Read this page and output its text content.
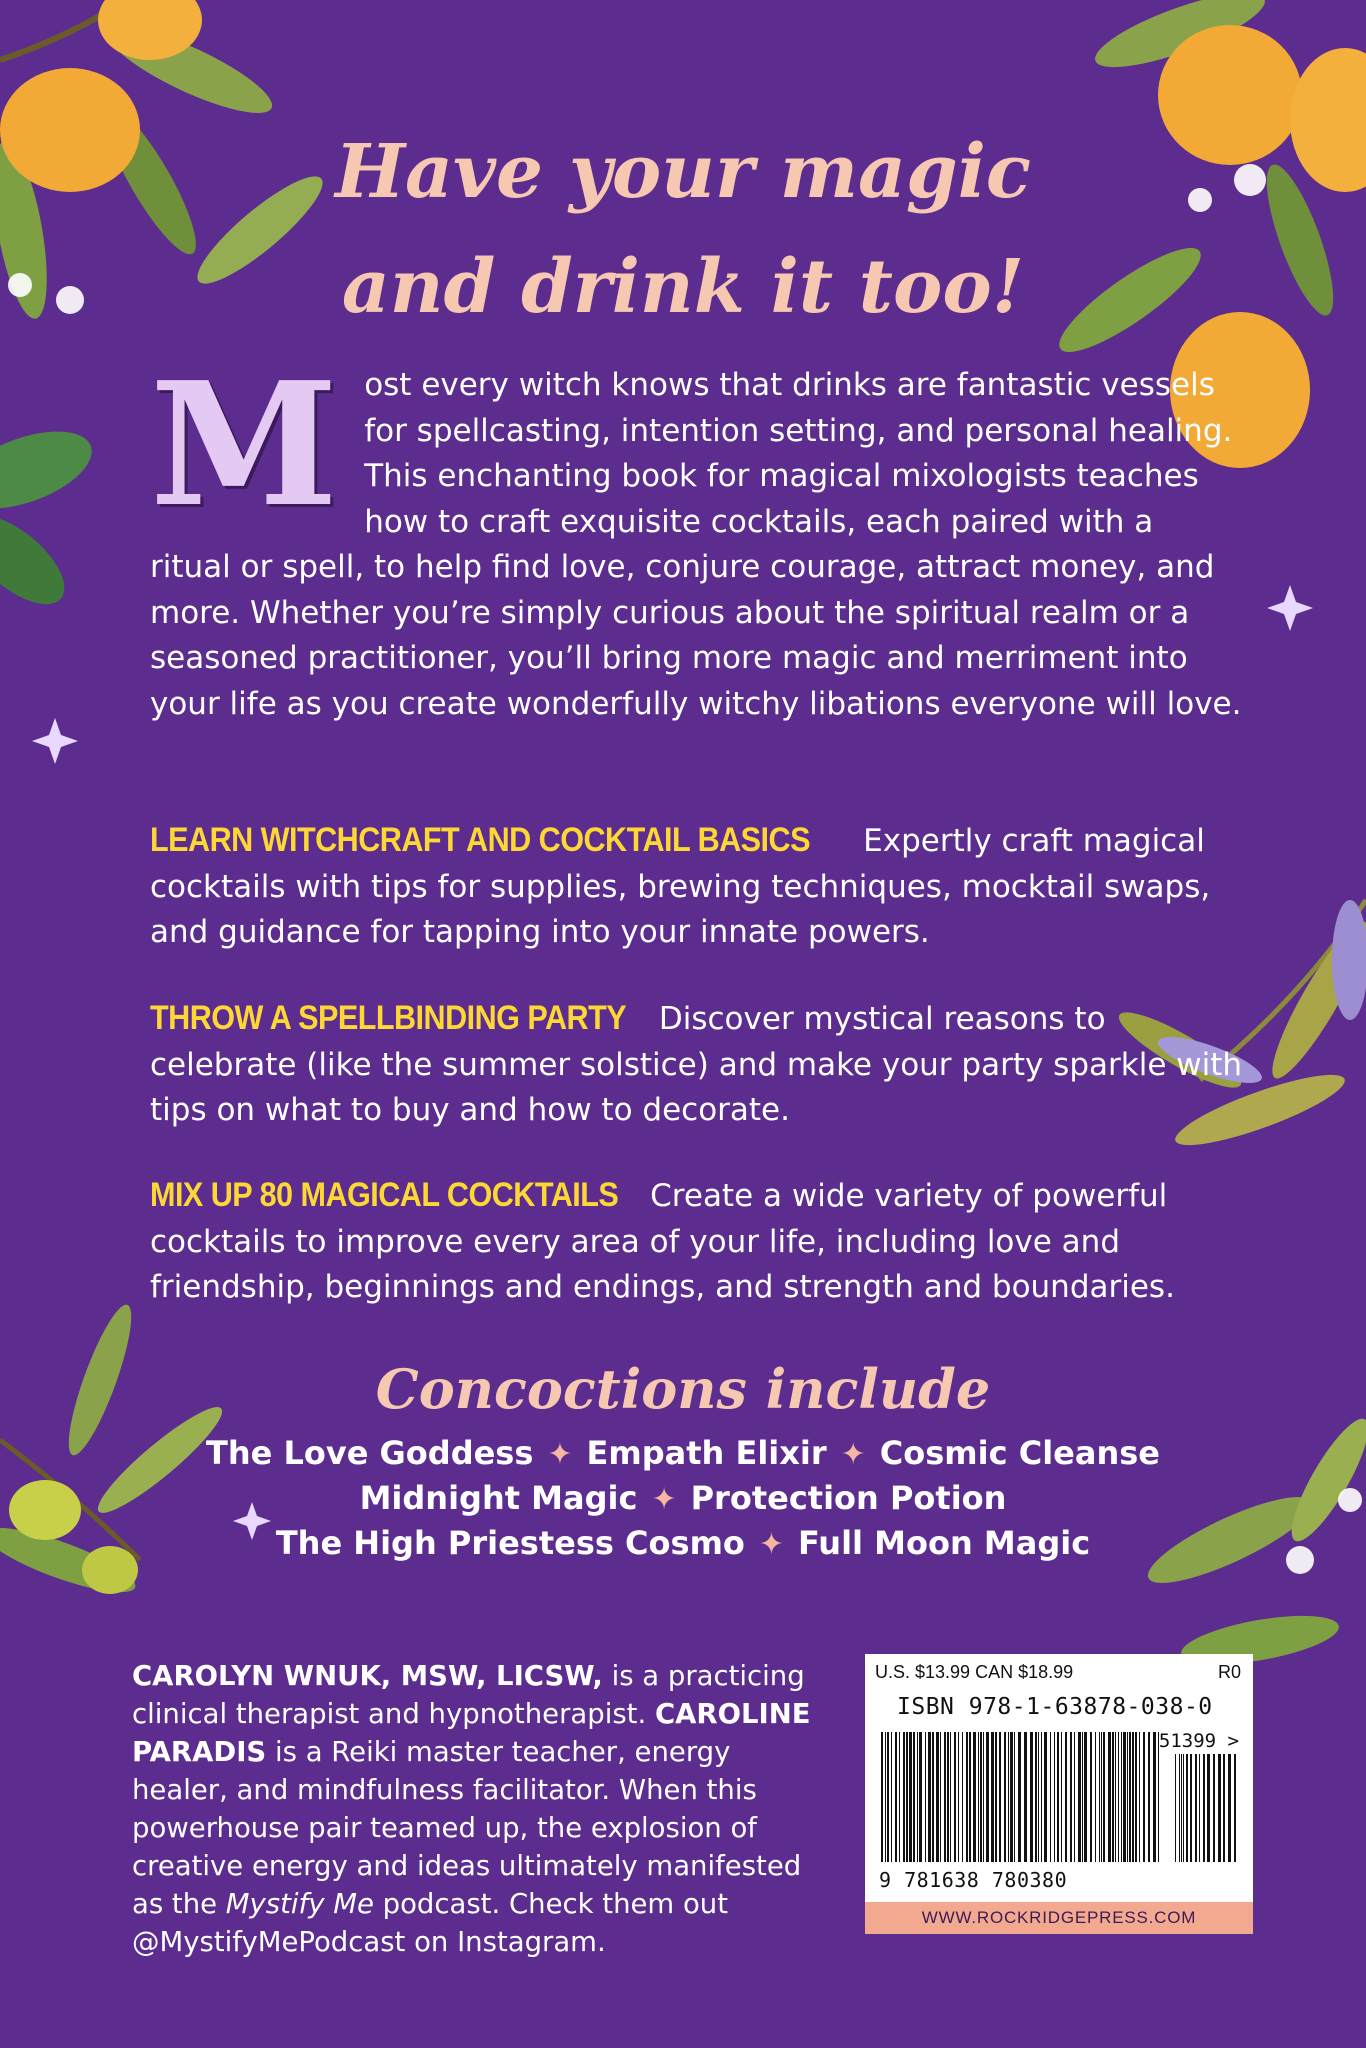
Have your magic
and drink it too!
Most every witch knows that drinks are fantastic vessels for spellcasting, intention setting, and personal healing. This enchanting book for magical mixologists teaches how to craft exquisite cocktails, each paired with a ritual or spell, to help find love, conjure courage, attract money, and more. Whether you’re simply curious about the spiritual realm or a seasoned practitioner, you’ll bring more magic and merriment into your life as you create wonderfully witchy libations everyone will love.
LEARN WITCHCRAFT AND COCKTAIL BASICS Expertly craft magical cocktails with tips for supplies, brewing techniques, mocktail swaps, and guidance for tapping into your innate powers.
THROW A SPELLBINDING PARTY Discover mystical reasons to celebrate (like the summer solstice) and make your party sparkle with tips on what to buy and how to decorate.
MIX UP 80 MAGICAL COCKTAILS Create a wide variety of powerful cocktails to improve every area of your life, including love and friendship, beginnings and endings, and strength and boundaries.
Concoctions include
The Love Goddess ✦ Empath Elixir ✦ Cosmic Cleanse
Midnight Magic ✦ Protection Potion
The High Priestess Cosmo ✦ Full Moon Magic
CAROLYN WNUK, MSW, LICSW, is a practicing clinical therapist and hypnotherapist. CAROLINE PARADIS is a Reiki master teacher, energy healer, and mindfulness facilitator. When this powerhouse pair teamed up, the explosion of creative energy and ideas ultimately manifested as the Mystify Me podcast. Check them out @MystifyMePodcast on Instagram.
U.S. $13.99 CAN $18.99	R0
ISBN 978-1-63878-038-0
51399 >
9 781638 780380
WWW.ROCKRIDGEPRESS.COM
